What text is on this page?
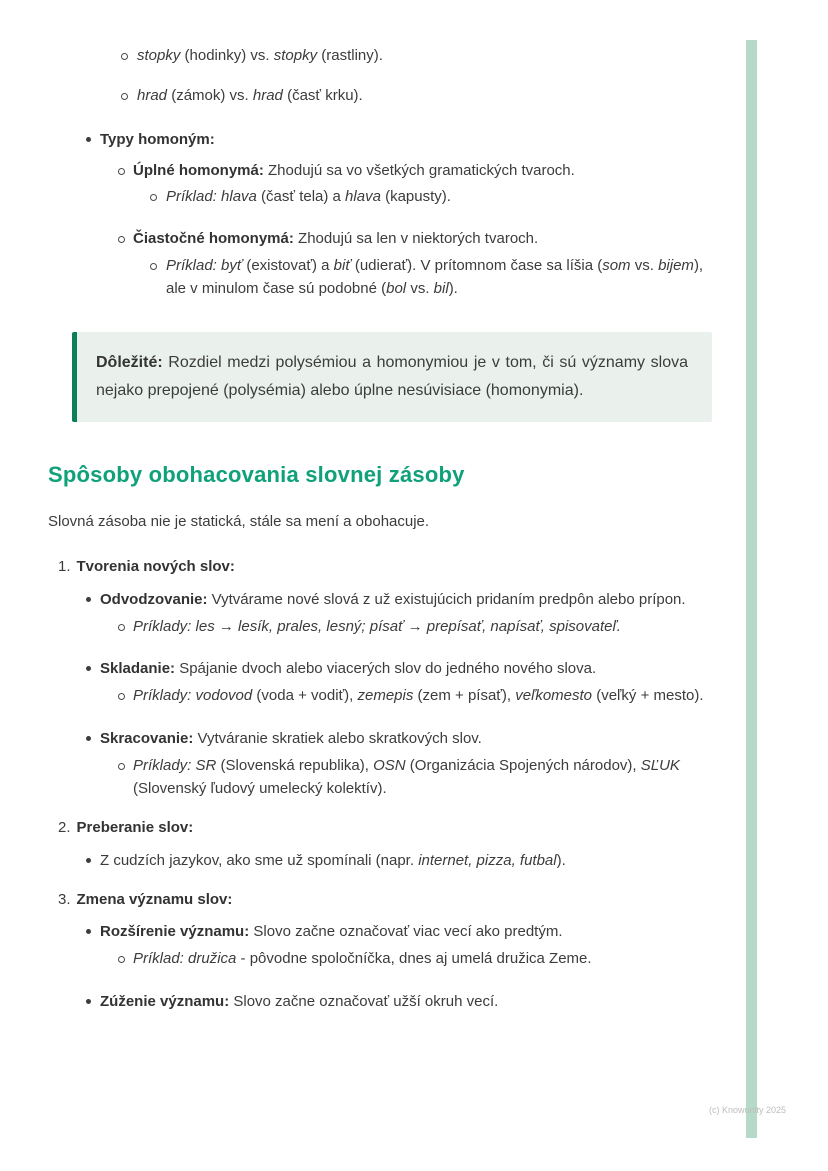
stopky (hodinky) vs. stopky (rastliny).
hrad (zámok) vs. hrad (časť krku).
Typy homoným:
Úplné homonymá: Zhodujú sa vo všetkých gramatických tvaroch.
Príklad: hlava (časť tela) a hlava (kapusty).
Čiastočné homonymá: Zhodujú sa len v niektorých tvaroch.
Príklad: byť (existovať) a biť (udierať). V prítomnom čase sa líšia (som vs. bijem), ale v minulom čase sú podobné (bol vs. bil).

Dôležité: Rozdiel medzi polysémiou a homonymiou je v tom, či sú významy slova nejako prepojené (polysémia) alebo úplne nesúvisiace (homonymia).

Spôsoby obohacovania slovnej zásoby

Slovná zásoba nie je statická, stále sa mení a obohacuje.

1. Tvorenia nových slov:
Odvodzovanie: Vytvárame nové slová z už existujúcich pridaním predpôn alebo prípon.
Príklady: les → lesík, prales, lesný; písať → prepísať, napísať, spisovateľ.
Skladanie: Spájanie dvoch alebo viacerých slov do jedného nového slova.
Príklady: vodovod (voda + vodiť), zemepis (zem + písať), veľkomesto (veľký + mesto).
Skracovanie: Vytváranie skratiek alebo skratkových slov.
Príklady: SR (Slovenská republika), OSN (Organizácia Spojených národov), SĽUK (Slovenský ľudový umelecký kolektív).
2. Preberanie slov:
Z cudzích jazykov, ako sme už spomínali (napr. internet, pizza, futbal).
3. Zmena významu slov:
Rozšírenie významu: Slovo začne označovať viac vecí ako predtým.
Príklad: družica - pôvodne spoločníčka, dnes aj umelá družica Zeme.
Zúženie významu: Slovo začne označovať užší okruh vecí.
(c) Knowunity 2025
